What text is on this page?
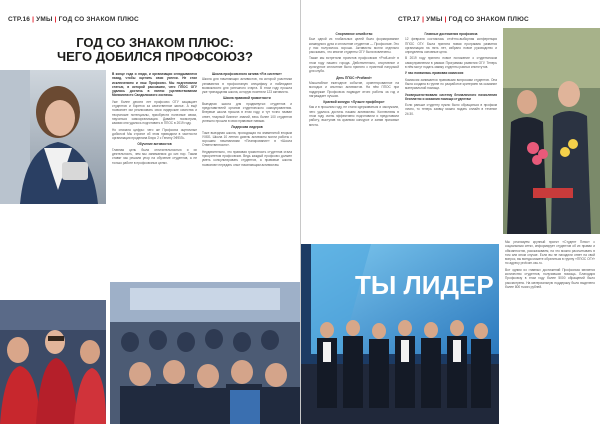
СТР.16 | УМЫ | ГОД СО ЗНАКОМ ПЛЮС
ГОД СО ЗНАКОМ ПЛЮС:
ЧЕГО ДОБИЛСЯ ПРОФСОЮЗ?

В конце года и люди, и организации оглядываются назад, чтобы оценить свои успехи. Не стал исключением и наш Профсоюз. Мы подготовили статью, в которой расскажем, чего ППОС ОГУ удалось достичь в напгзо уцелевствовании Минимотисто Сандилиоиого эостимы.

Уже более десяти лет профсоюз ОГУ защищает студентов и борется за качественное жилье. А ещё позволяет им реализовать свои лидерские качества и творческие потенциалы, приобрести полезные связи, научиться самоорганизации. Давайте посмотрим, какими они удалось подготовить в ППОС в 2019 году.

Но сначала цифры: чего же Профсоюз оценочные добился! Мы строгие об этом приводили в частности организация проделана Бюро 2 с Генину ЭФЕЛЬ.

Обучение активистов

Главная цель была отличительностью и их деятельность, чем мы занимаемся до сих пор. Таким ставят мы решили упор на обучение студентов, а не только работе в профсоюзных целях.

Школа профсоюзного актива «Я в системе»

Школа для начинающих активистов, на которой участники узнаваются в профсоюзную специфику и наблюдают возможности для успешного старта. В этом году прошла уже тринадцатая школа, которую посетили 123 активиста.

Школа правовой грамотности

Выездная школа для продвинутых студентов и представителей органов студенческого самоуправления. Впервые школа прошла в этом году, и тут точно назван ответ, «парный бизнес» знаний, весь более 100 студентов успешно прошли в свои правовые навыки.

Лидерская лидеров

Тоже выездная школа, проходящая на знаменитой вторым УХББ. Школа 10 летних дизель активисты могли работы с хорошим начинаниями «Планирование» в «Школа Ответственности».

Неудивительно, что правовая грамотность студентов стала приоритетом профсоюзов. Ведь каждый профсоюз должен уметь консультировать студентов, а правовые школы позволяют передать опыт начинающим активистам.

СТР.17 | УМЫ | ГОД СО ЗНАКОМ ПЛЮС

Спортивное семейство

Был одной из глобальных целей было формирование командного духа и сплочение студентов — Профсоюзе. Это у нас получилось хорошо. Активисты могли отдельно рассказать, что многие студенты ОГУ были вовлечены.

Также мы встретили проектов профсоюзов «ProfLand» в этом году нашего города. Действительно, спортивное и культурное сплочение было принято с приятной нагрузкой для клуба.

День ППОС «Profland»

Масштабное ежегодное событие, ориентированное на молодых и опытных активистов. На нём ППОС при поддержке Профсоюза подводит итоги работы за год и награждает лучших.

Краевой конкурс «Лучшее профбюро»

Как и в прошлом году, не стали сдерживаться и заслужили, чего удалось достичь нашим активистам. Коллективы в этом году очень эффективно подготовили и представили работу, выступив на краевом конкурсе и заняв призовые места.

Главные достижения профсоюза

12 февраля состоялась отчётно-выборная конференция ППОС ОГУ. Была принята новая программа развития организации на пять лет, избрано новое руководство и определены основные цели.

В 2019 году принято новое положение о студенческом самоуправлении в рамках Программы развития ОГУ. Теперь в нём могут подать заявку студенты разных институтов.

У нас появилась правовая комиссия

Комиссия занимается правовыми вопросами студентов. Она была создана в группе по разработке критериев на оказание материальной помощи.

Усовершенствовали систему безналичного начисления бесплатно и оказания помощи студентам

Если раньше студенту нужно было обращаться в профком лично, то теперь заявку можно подать онлайн в течение 24:30.

ТЫ ЛИДЕР

Мы реализуем крупный проект «Студент Плюс» с социальным сетях, информирует студентов об их правах и обязанностях, рассказываем, на что можно рассчитывать в том или ином случае. Если вы не находили ответ на свой вопрос, вы всегда можете обратиться в группу «ППОС ОГУ» по адресу profcom.osu.ru.

Вот одним из главных достижений Профсоюза является количество студентов, получивших помощь. Благодаря Профсоюзу в этом году более 5000 обращений было рассмотрено. На материальную поддержку было выделено более 800 тысяч рублей.
